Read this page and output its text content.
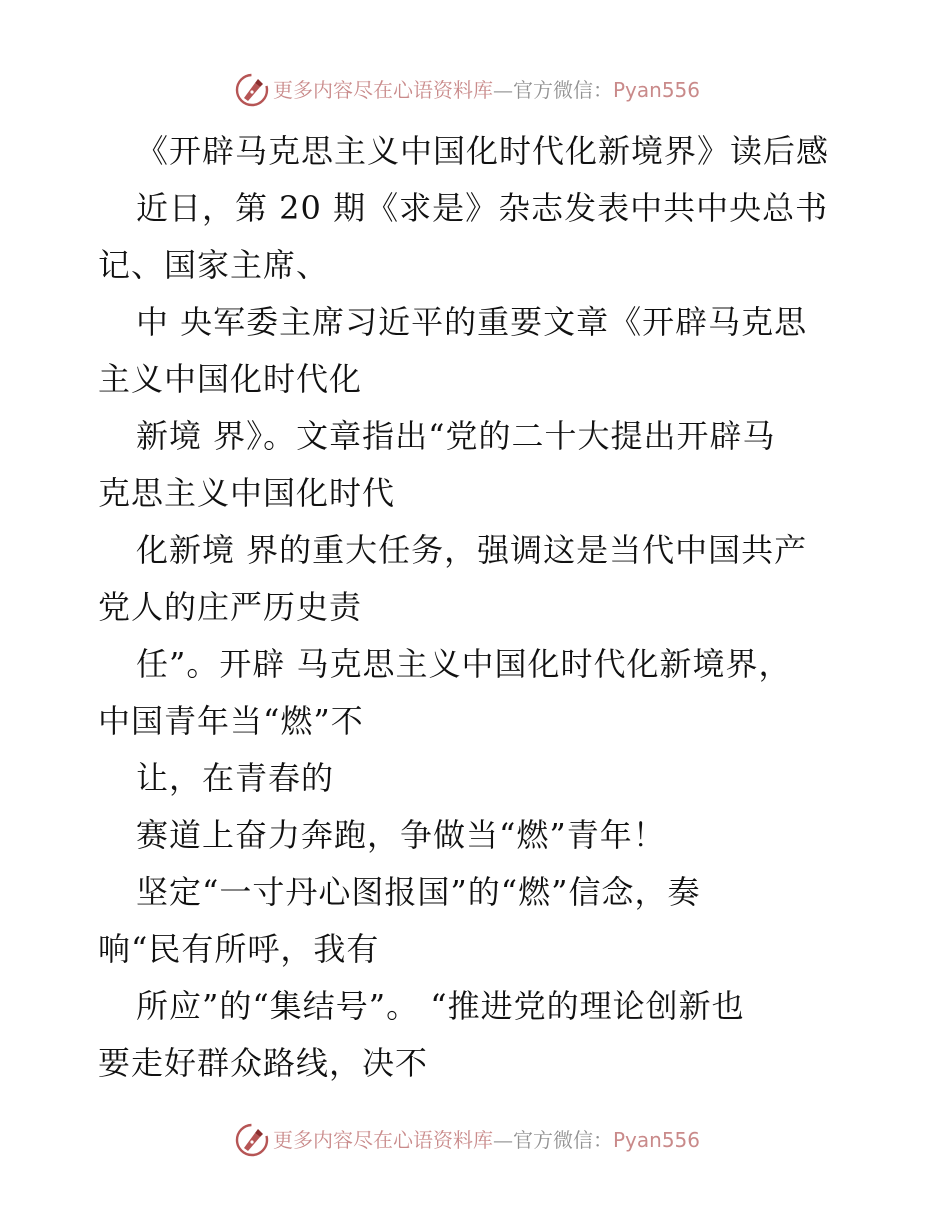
更多内容尽在心语资料库—官方微信：Pyan556
《开辟马克思主义中国化时代化新境界》读后感
近日，第 20 期《求是》杂志发表中共中央总书
记、国家主席、
中 央军委主席习近平的重要文章《开辟马克思
主义中国化时代化
新境 界》。文章指出“党的二十大提出开辟马
克思主义中国化时代
化新境 界的重大任务，强调这是当代中国共产
党人的庄严历史责
任”。开辟 马克思主义中国化时代化新境界，
中国青年当“燃”不
让，在青春的
赛道上奋力奔跑，争做当“燃”青年！
坚定“一寸丹心图报国”的“燃”信念，奏
响“民有所呼，我有
所应”的“集结号”。 “推进党的理论创新也
要走好群众路线，决不
更多内容尽在心语资料库—官方微信：Pyan556
